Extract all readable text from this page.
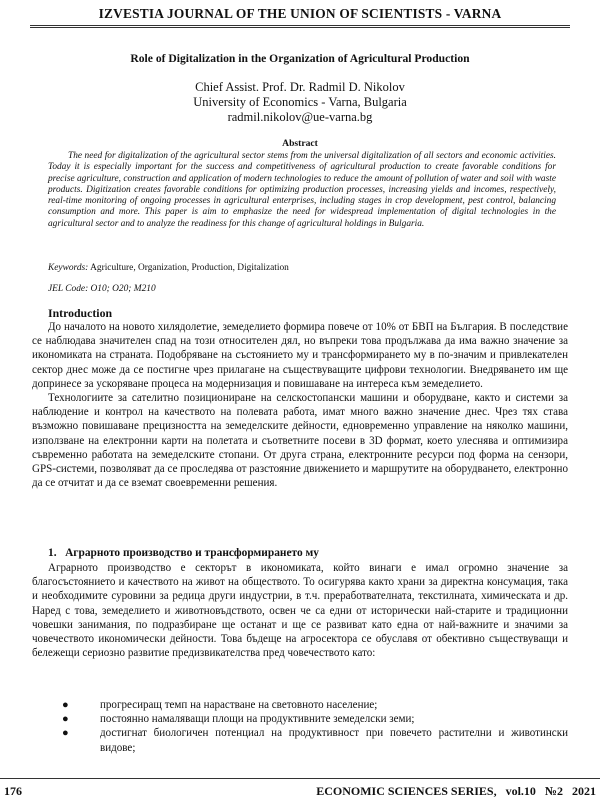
IZVESTIA JOURNAL OF THE UNION OF SCIENTISTS - VARNA
Role of Digitalization in the Organization of Agricultural Production
Chief Assist. Prof. Dr. Radmil D. Nikolov
University of Economics - Varna, Bulgaria
radmil.nikolov@ue-varna.bg
Abstract
The need for digitalization of the agricultural sector stems from the universal digitalization of all sectors and economic activities. Today it is especially important for the success and competitiveness of agricultural production to create favorable conditions for precise agriculture, construction and application of modern technologies to reduce the amount of pollution of water and soil with waste products. Digitization creates favorable conditions for optimizing production processes, increasing yields and incomes, respectively, real-time monitoring of ongoing processes in agricultural enterprises, including stages in crop development, pest control, balancing consumption and more. This paper is aim to emphasize the need for widespread implementation of digital technologies in the agricultural sector and to analyze the readiness for this change of agricultural holdings in Bulgaria.
Keywords: Agriculture, Organization, Production, Digitalization
JEL Code: O10; O20; M210
Introduction

До началото на новото хилядолетие, земеделието формира повече от 10% от БВП на България. В последствие се наблюдава значителен спад на този относителен дял, но въпреки това продължава да има важно значение за икономиката на страната. Подобряване на състоянието му и трансформирането му в по-значим и привлекателен сектор днес може да се постигне чрез прилагане на съществуващите цифрови технологии. Внедряването им ще допринесе за ускоряване процеса на модернизация и повишаване на интереса към земеделието.

Технологиите за сателитно позициониране на селскостопански машини и оборудване, както и системи за наблюдение и контрол на качеството на полевата работа, имат много важно значение днес. Чрез тях става възможно повишаване прецизността на земеделските дейности, едновременно управление на няколко машини, използване на електронни карти на полетата и съответните посеви в 3D формат, което улеснява и оптимизира съвременно работата на земеделските стопани. От друга страна, електронните ресурси под форма на сензори, GPS-системи, позволяват да се проследява от разстояние движението и маршрутите на оборудването, електронно да се отчитат и да се вземат своевременни решения.

1.   Аграрното производство и трансформирането му

Аграрното производство е секторът в икономиката, който винаги е имал огромно значение за благосъстоянието и качеството на живот на обществото. То осигурява както храни за директна консумация, така и необходимите суровини за редица други индустрии, в т.ч. преработвателната, текстилната, химическата и др. Наред с това, земеделието и животновъдството, освен че са едни от исторически най-старите и традиционни човешки занимания, по подразбиране ще останат и ще се развиват като една от най-важните и значими за човечеството икономически дейности. Това бъдеще на агросектора се обуславя от обективно съществуващи и бележещи сериозно развитие предизвикателства пред човечеството като:

●	прогресиращ темп на нарастване на световното население;
●	постоянно намаляващи площи на продуктивните земеделски земи;
●	достигнат биологичен потенциал на продуктивност при повечето растителни и животински видове;
176	ECONOMIC SCIENCES SERIES,   vol.10   №2   2021
